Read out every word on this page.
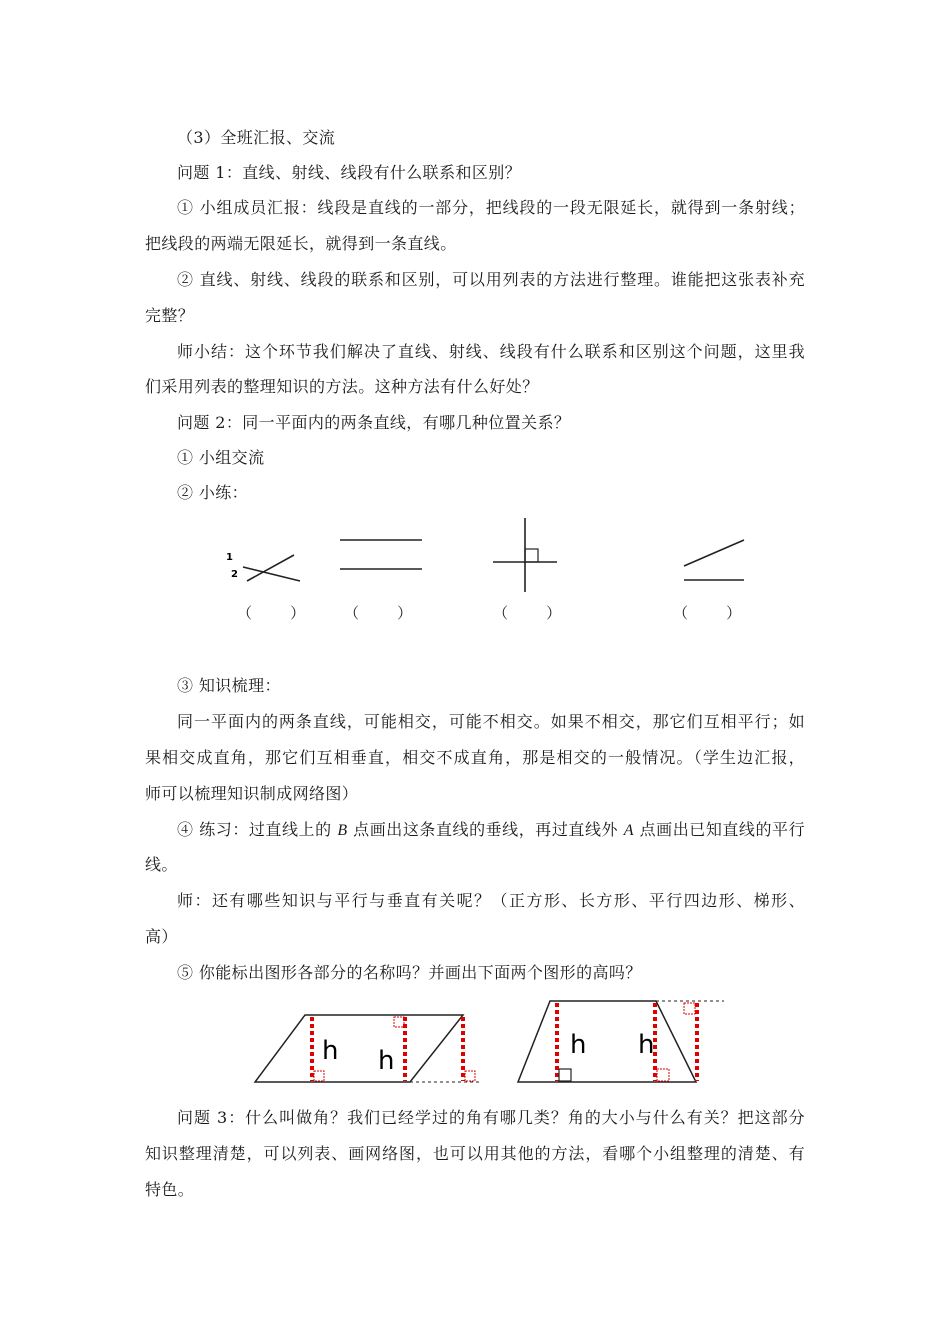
（3）全班汇报、交流
问题 1：直线、射线、线段有什么联系和区别？
① 小组成员汇报：线段是直线的一部分，把线段的一段无限延长，就得到一条射线；
把线段的两端无限延长，就得到一条直线。
② 直线、射线、线段的联系和区别，可以用列表的方法进行整理。谁能把这张表补充
完整？
师小结：这个环节我们解决了直线、射线、线段有什么联系和区别这个问题，这里我
们采用列表的整理知识的方法。这种方法有什么好处？
问题 2：同一平面内的两条直线，有哪几种位置关系？
① 小组交流
② 小练：
1
2
（        ）	（        ）	（        ）	（        ）
③ 知识梳理：
同一平面内的两条直线，可能相交，可能不相交。如果不相交，那它们互相平行；如
果相交成直角，那它们互相垂直，相交不成直角，那是相交的一般情况。（学生边汇报，
师可以梳理知识制成网络图）
④ 练习：过直线上的 B 点画出这条直线的垂线，再过直线外 A 点画出已知直线的平行
线。
师：还有哪些知识与平行与垂直有关呢？（正方形、长方形、平行四边形、梯形、
高）
⑤ 你能标出图形各部分的名称吗？并画出下面两个图形的高吗？
h h
h h
问题 3：什么叫做角？我们已经学过的角有哪几类？角的大小与什么有关？把这部分
知识整理清楚，可以列表、画网络图，也可以用其他的方法，看哪个小组整理的清楚、有
特色。
